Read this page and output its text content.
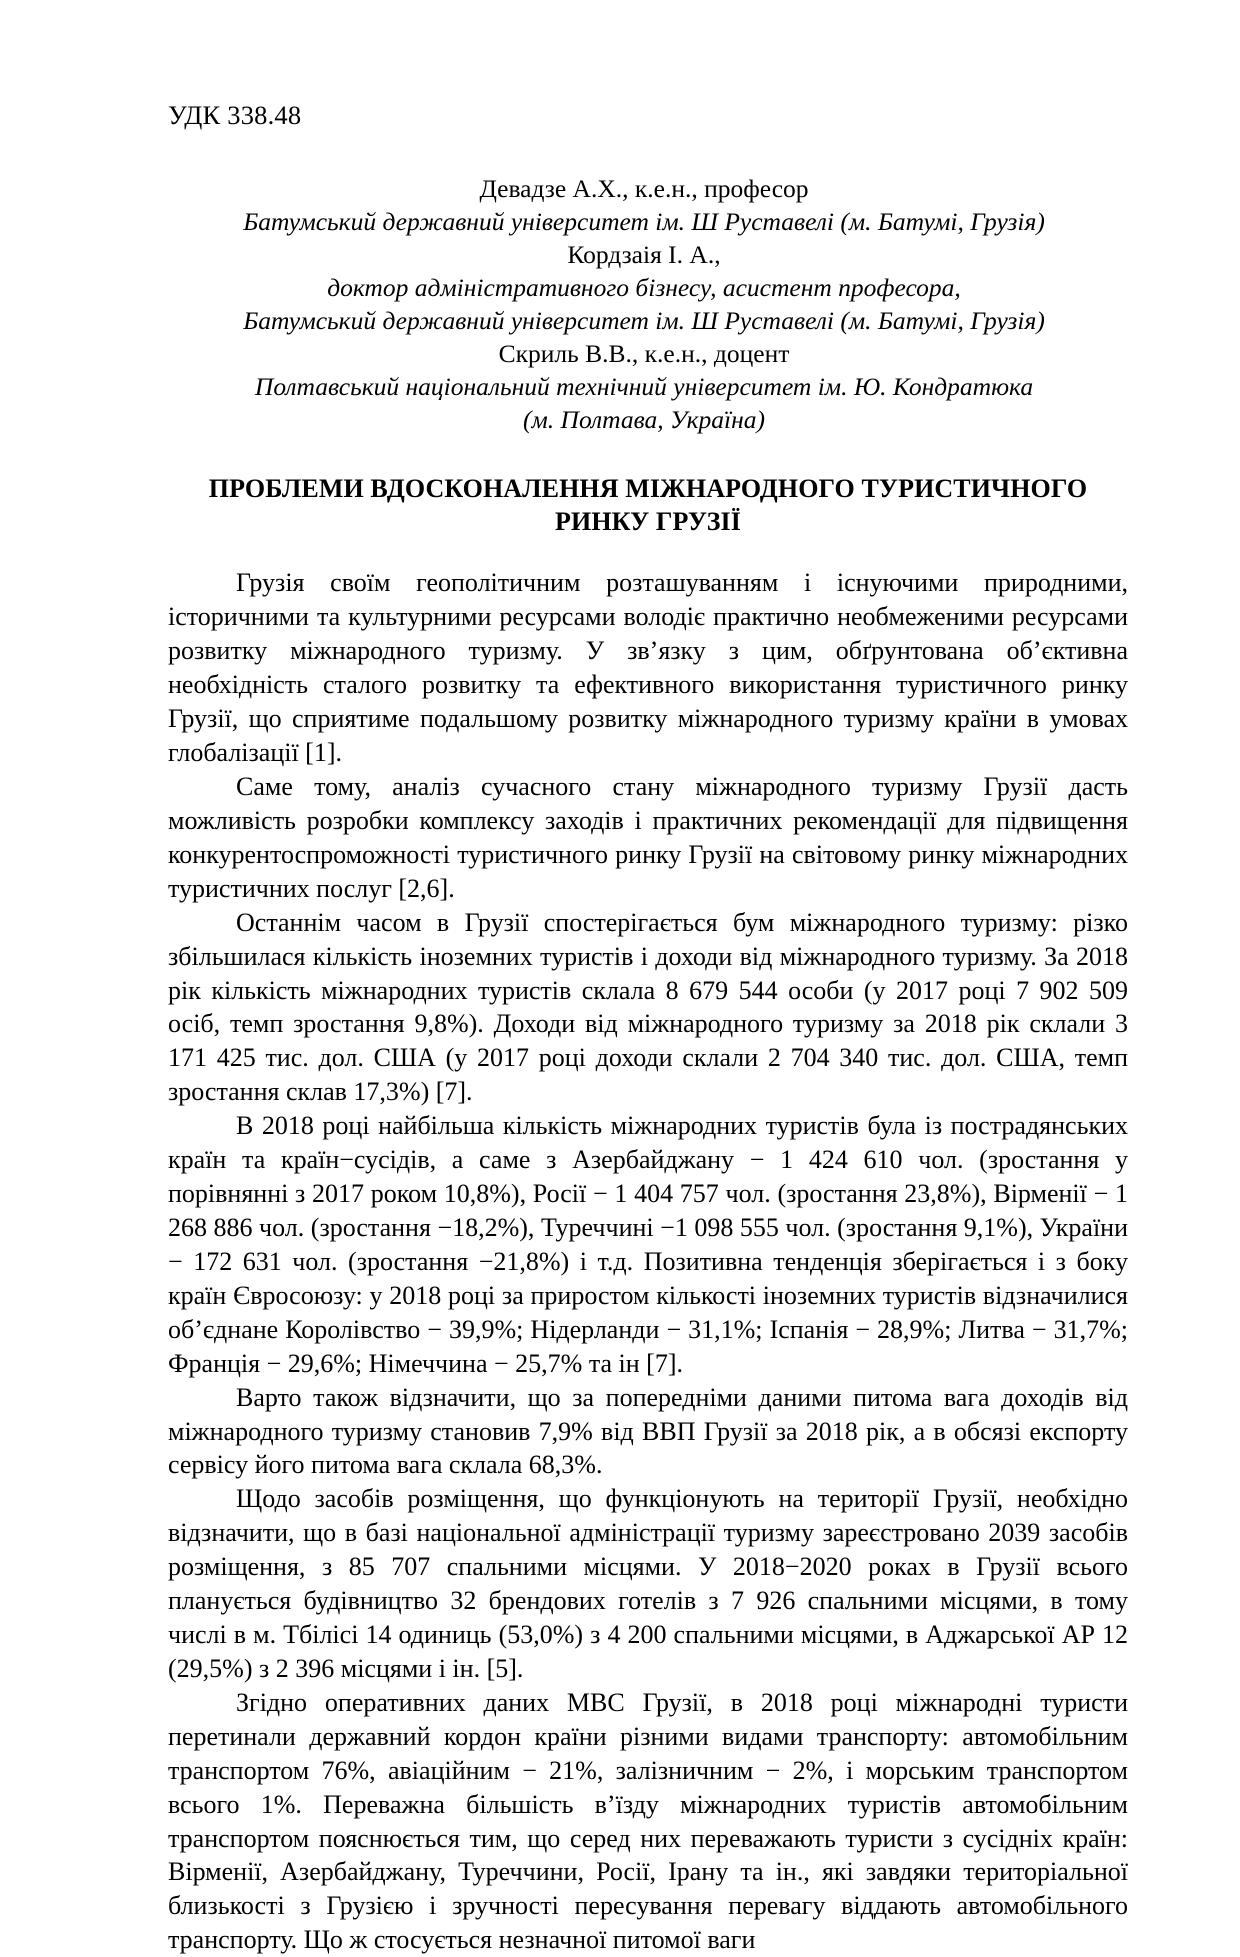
УДК 338.48
Девадзе А.Х., к.е.н., професор
Батумський державний університет ім. Ш Руставелі (м. Батумі, Грузія)
Кордзаія І. А.,
доктор адміністративного бізнесу, асистент професора,
Батумський державний університет ім. Ш Руставелі (м. Батумі, Грузія)
Скриль В.В., к.е.н., доцент
Полтавський національний технічний університет ім. Ю. Кондратюка
(м. Полтава, Україна)
ПРОБЛЕМИ ВДОСКОНАЛЕННЯ МІЖНАРОДНОГО ТУРИСТИЧНОГО РИНКУ ГРУЗІЇ

Грузія своїм геополітичним розташуванням і існуючими природними, історичними та культурними ресурсами володіє практично необмеженими ресурсами розвитку міжнародного туризму. У зв’язку з цим, обґрунтована об’єктивна необхідність сталого розвитку та ефективного використання туристичного ринку Грузії, що сприятиме подальшому розвитку міжнародного туризму країни в умовах глобалізації [1].

Саме тому, аналіз сучасного стану міжнародного туризму Грузії дасть можливість розробки комплексу заходів і практичних рекомендації для підвищення конкурентоспроможності туристичного ринку Грузії на світовому ринку міжнародних туристичних послуг [2,6].

Останнім часом в Грузії спостерігається бум міжнародного туризму: різко збільшилася кількість іноземних туристів і доходи від міжнародного туризму. За 2018 рік кількість міжнародних туристів склала 8 679 544 особи (у 2017 році 7 902 509 осіб, темп зростання 9,8%). Доходи від міжнародного туризму за 2018 рік склали 3 171 425 тис. дол. США (у 2017 році доходи склали 2 704 340 тис. дол. США, темп зростання склав 17,3%) [7].

В 2018 році найбільша кількість міжнародних туристів була із пострадянських країн та країн−сусідів, а саме з Азербайджану − 1 424 610 чол. (зростання у порівнянні з 2017 роком 10,8%), Росії − 1 404 757 чол. (зростання 23,8%), Вірменії − 1 268 886 чол. (зростання −18,2%), Туреччині −1 098 555 чол. (зростання 9,1%), України − 172 631 чол. (зростання −21,8%) і т.д. Позитивна тенденція зберігається і з боку країн Євросоюзу: у 2018 році за приростом кількості іноземних туристів відзначилися об’єднане Королівство − 39,9%; Нідерланди − 31,1%; Іспанія − 28,9%; Литва − 31,7%; Франція − 29,6%; Німеччина − 25,7% та ін [7].

Варто також відзначити, що за попередніми даними питома вага доходів від міжнародного туризму становив 7,9% від ВВП Грузії за 2018 рік, а в обсязі експорту сервісу його питома вага склала 68,3%.

Щодо засобів розміщення, що функціонують на території Грузії, необхідно відзначити, що в базі національної адміністрації туризму зареєстровано 2039 засобів розміщення, з 85 707 спальними місцями. У 2018−2020 роках в Грузії всього планується будівництво 32 брендових готелів з 7 926 спальними місцями, в тому числі в м. Тбілісі 14 одиниць (53,0%) з 4 200 спальними місцями, в Аджарської АР 12 (29,5%) з 2 396 місцями і ін. [5].

Згідно оперативних даних МВС Грузії, в 2018 році міжнародні туристи перетинали державний кордон країни різними видами транспорту: автомобільним транспортом 76%, авіаційним − 21%, залізничним − 2%, і морським транспортом всього 1%. Переважна більшість в’їзду міжнародних туристів автомобільним транспортом пояснюється тим, що серед них переважають туристи з сусідніх країн: Вірменії, Азербайджану, Туреччини, Росії, Ірану та ін., які завдяки територіальної близькості з Грузією і зручності пересування перевагу віддають автомобільного транспорту. Що ж стосується незначної питомої ваги
